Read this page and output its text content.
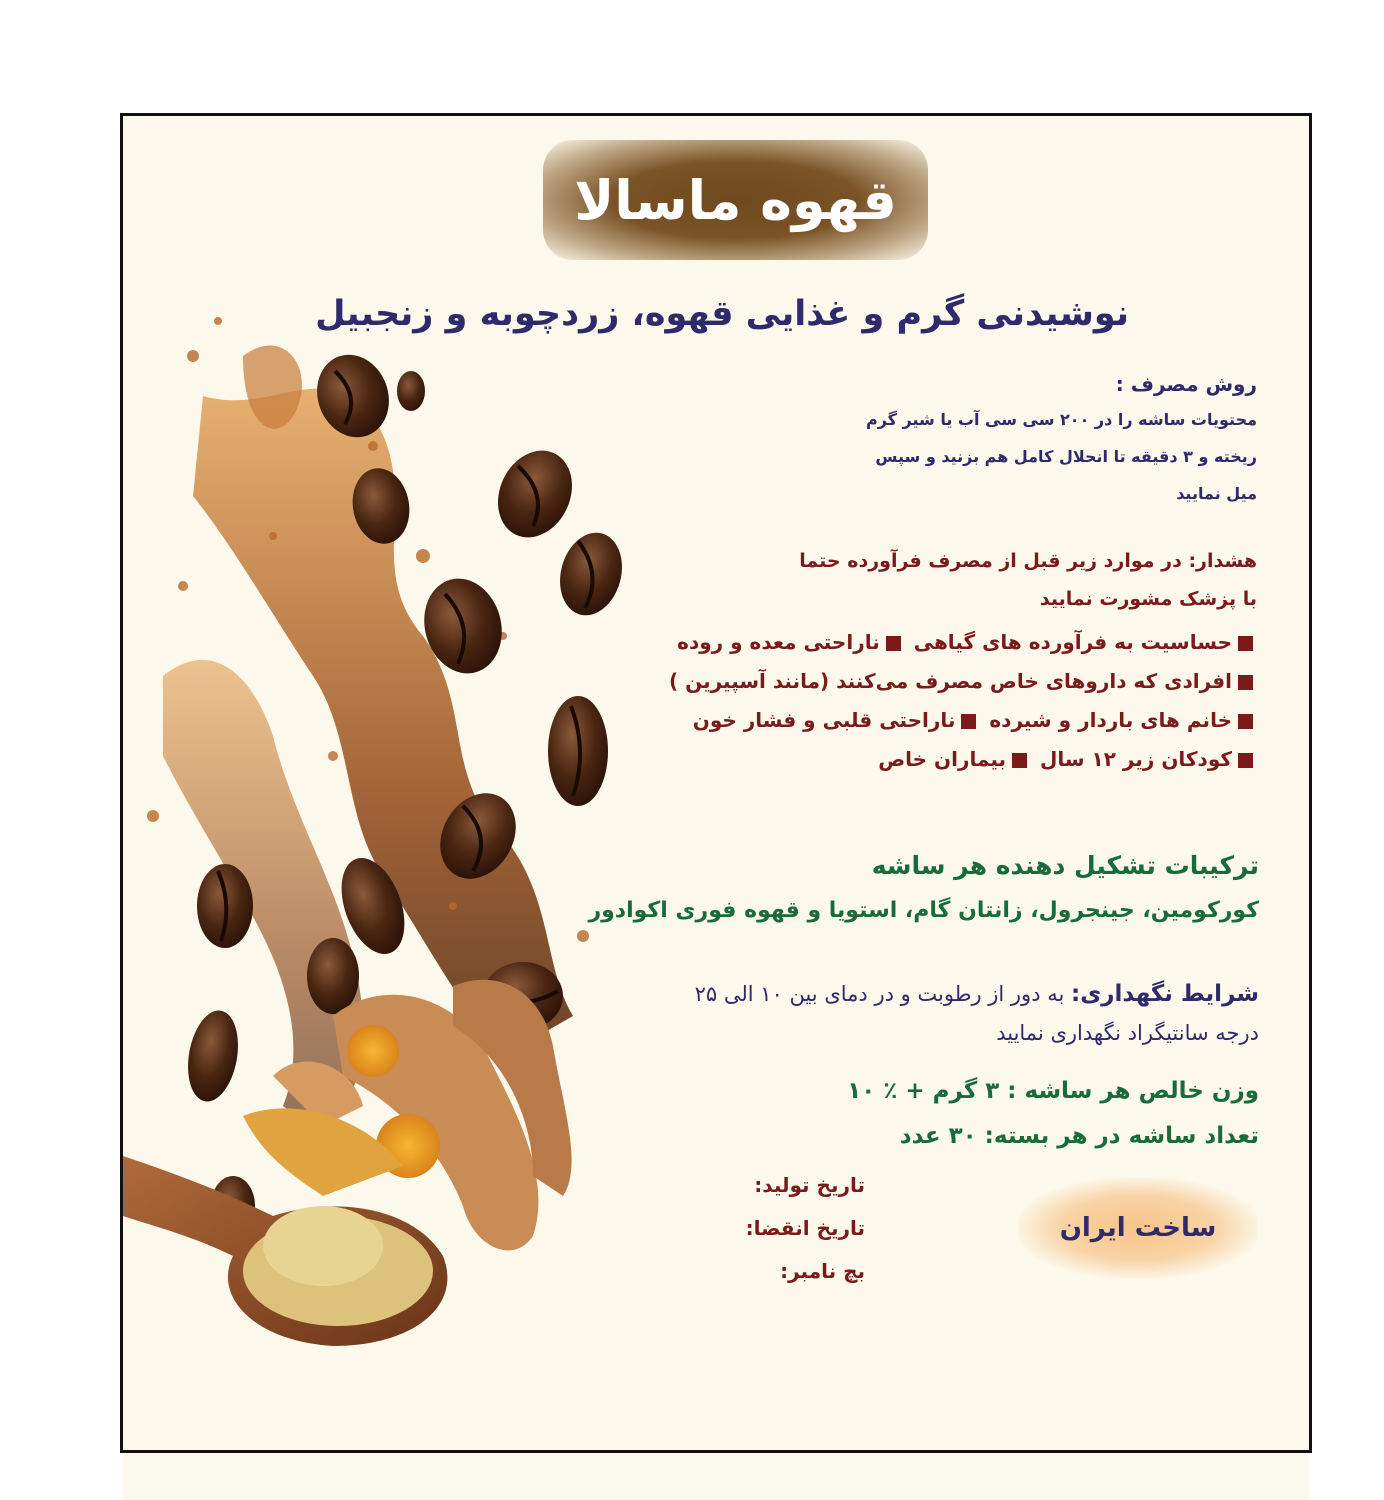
قهوه ماسالا
نوشیدنی گرم و غذایی قهوه، زردچوبه و زنجبیل
روش مصرف :
محتویات ساشه را در ۲۰۰ سی سی آب یا شیر گرم
ریخته و ۳ دقیقه تا انحلال کامل هم بزنید و سپس
میل نمایید
هشدار: در موارد زیر قبل از مصرف فرآورده حتما
با پزشک مشورت نمایید
حساسیت به فرآورده های گیاهی ناراحتی معده و روده
افرادی که داروهای خاص مصرف می‌کنند (مانند آسپیرین )
خانم های باردار و شیرده ناراحتی قلبی و فشار خون
کودکان زیر ۱۲ سال بیماران خاص
ترکیبات تشکیل دهنده هر ساشه
کورکومین، جینجرول، زانتان گام، استویا و قهوه فوری اکوادور
شرایط نگهداری: به دور از رطوبت و در دمای بین ۱۰ الی ۲۵
درجه سانتیگراد نگهداری نمایید
وزن خالص هر ساشه : ۳ گرم + ٪ ۱۰
تعداد ساشه در هر بسته: ۳۰ عدد
تاریخ تولید:
تاریخ انقضا:
بچ نامبر:
ساخت ایران
